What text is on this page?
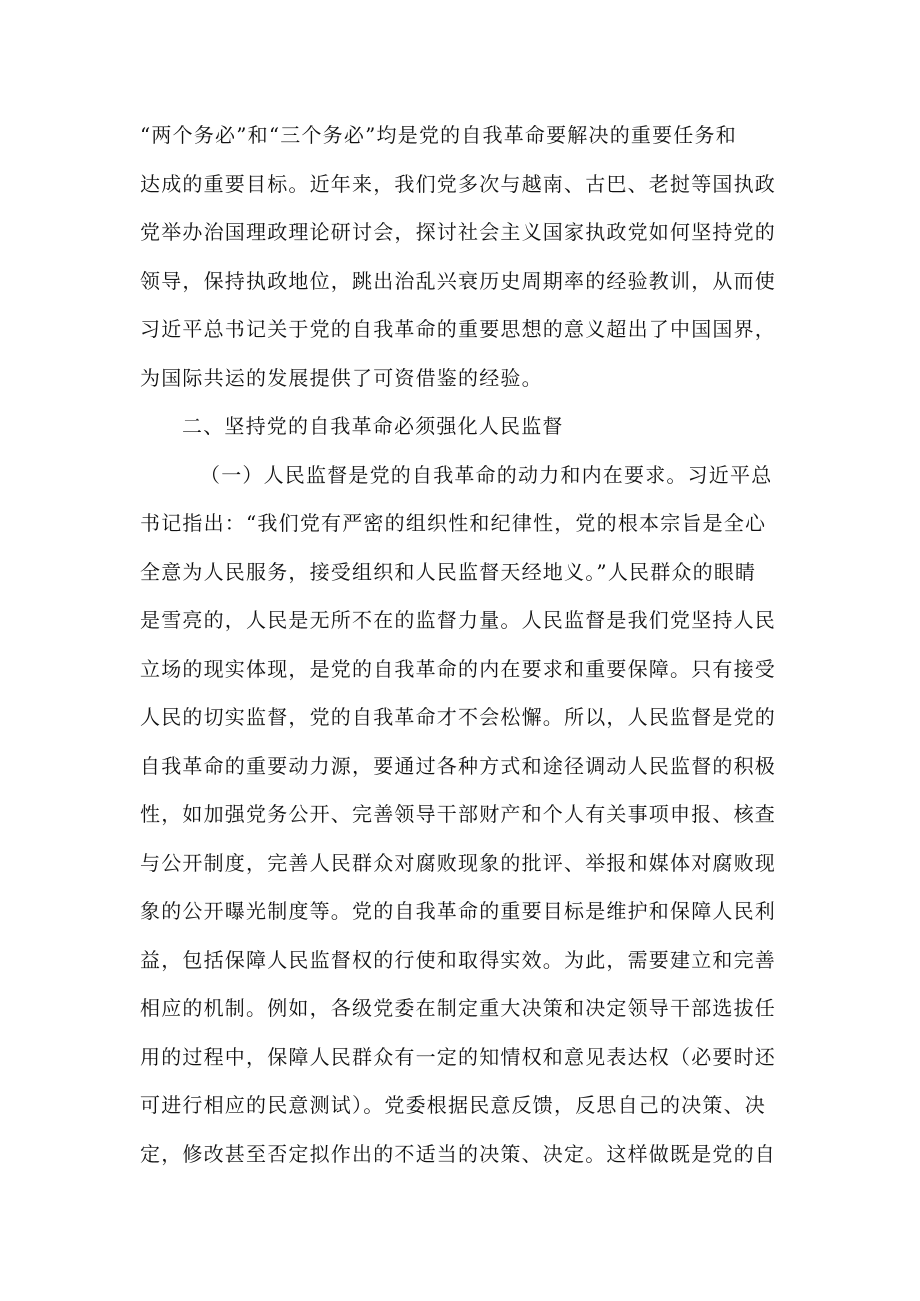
“两个务必”和“三个务必”均是党的自我革命要解决的重要任务和
达成的重要目标。近年来，我们党多次与越南、古巴、老挝等国执政
党举办治国理政理论研讨会，探讨社会主义国家执政党如何坚持党的
领导，保持执政地位，跳出治乱兴衰历史周期率的经验教训，从而使
习近平总书记关于党的自我革命的重要思想的意义超出了中国国界，
为国际共运的发展提供了可资借鉴的经验。
二、坚持党的自我革命必须强化人民监督
（一）人民监督是党的自我革命的动力和内在要求。习近平总
书记指出：“我们党有严密的组织性和纪律性，党的根本宗旨是全心
全意为人民服务，接受组织和人民监督天经地义。”人民群众的眼睛
是雪亮的，人民是无所不在的监督力量。人民监督是我们党坚持人民
立场的现实体现，是党的自我革命的内在要求和重要保障。只有接受
人民的切实监督，党的自我革命才不会松懈。所以，人民监督是党的
自我革命的重要动力源，要通过各种方式和途径调动人民监督的积极
性，如加强党务公开、完善领导干部财产和个人有关事项申报、核查
与公开制度，完善人民群众对腐败现象的批评、举报和媒体对腐败现
象的公开曝光制度等。党的自我革命的重要目标是维护和保障人民利
益，包括保障人民监督权的行使和取得实效。为此，需要建立和完善
相应的机制。例如，各级党委在制定重大决策和决定领导干部选拔任
用的过程中，保障人民群众有一定的知情权和意见表达权（必要时还
可进行相应的民意测试）。党委根据民意反馈，反思自己的决策、决
定，修改甚至否定拟作出的不适当的决策、决定。这样做既是党的自
